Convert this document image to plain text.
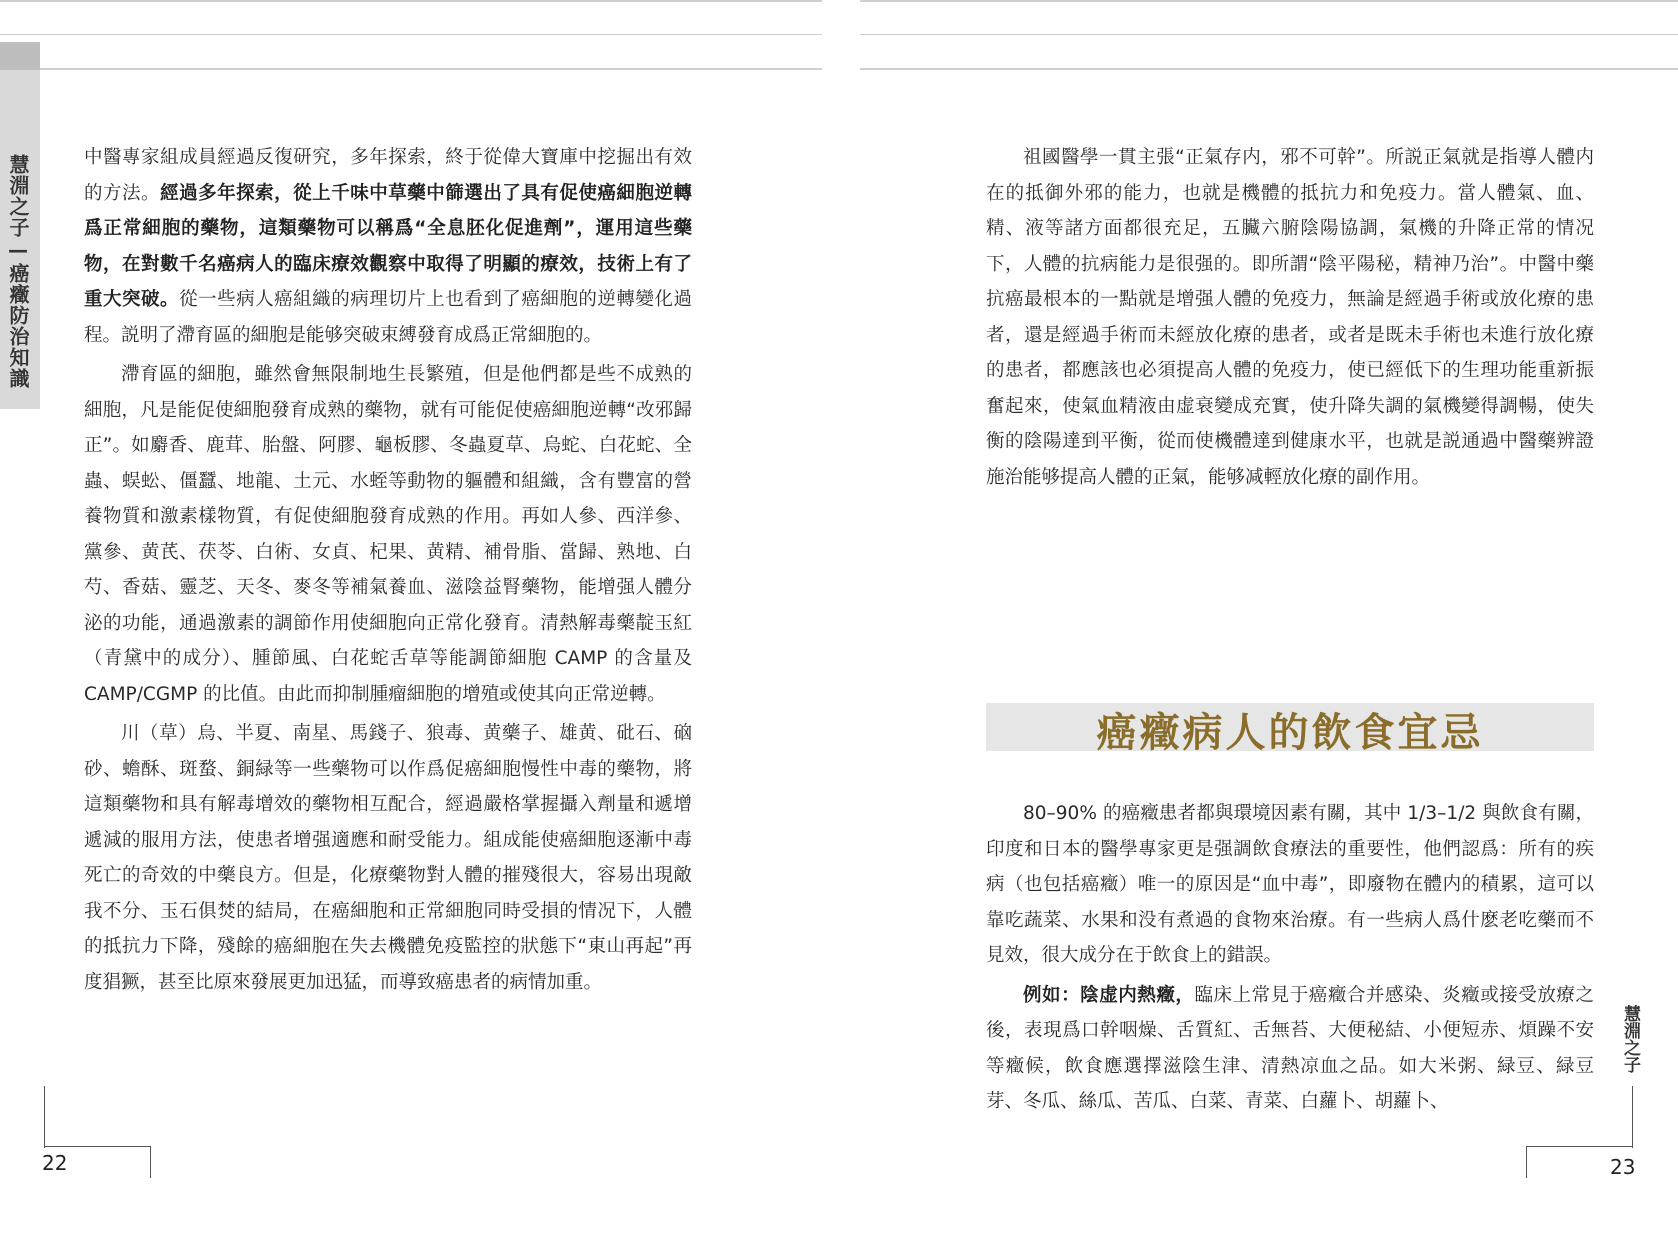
慧淵之子—癌癥防治知識	中醫專家組成員經過反復研究，多年探索，終于從偉大寶庫中挖掘出有效的方法。經過多年探索，從上千味中草藥中篩選出了具有促使癌細胞逆轉爲正常細胞的藥物，這類藥物可以稱爲“全息胚化促進劑”，運用這些藥物，在對數千名癌病人的臨床療效觀察中取得了明顯的療效，技術上有了重大突破。從一些病人癌組織的病理切片上也看到了癌細胞的逆轉變化過程。説明了滯育區的細胞是能够突破束縛發育成爲正常細胞的。

滯育區的細胞，雖然會無限制地生長繁殖，但是他們都是些不成熟的細胞，凡是能促使細胞發育成熟的藥物，就有可能促使癌細胞逆轉“改邪歸正”。如麝香、鹿茸、胎盤、阿膠、龜板膠、冬蟲夏草、烏蛇、白花蛇、全蟲、蜈蚣、僵蠶、地龍、土元、水蛭等動物的軀體和組織，含有豐富的營養物質和激素樣物質，有促使細胞發育成熟的作用。再如人參、西洋參、黨參、黄芪、茯苓、白術、女貞、杞果、黄精、補骨脂、當歸、熟地、白芍、香菇、靈芝、天冬、麥冬等補氣養血、滋陰益腎藥物，能增强人體分泌的功能，通過激素的調節作用使細胞向正常化發育。清熱解毒藥靛玉紅（青黛中的成分）、腫節風、白花蛇舌草等能調節細胞 CAMP 的含量及 CAMP/CGMP 的比值。由此而抑制腫瘤細胞的增殖或使其向正常逆轉。

川（草）烏、半夏、南星、馬錢子、狼毒、黄藥子、雄黄、砒石、硇砂、蟾酥、斑蝥、銅緑等一些藥物可以作爲促癌細胞慢性中毒的藥物，將這類藥物和具有解毒增效的藥物相互配合，經過嚴格掌握攝入劑量和遞增遞減的服用方法，使患者增强適應和耐受能力。組成能使癌細胞逐漸中毒死亡的奇效的中藥良方。但是，化療藥物對人體的摧殘很大，容易出現敵我不分、玉石俱焚的結局，在癌細胞和正常細胞同時受損的情况下，人體的抵抗力下降，殘餘的癌細胞在失去機體免疫監控的狀態下“東山再起”再度猖獗，甚至比原來發展更加迅猛，而導致癌患者的病情加重。

22

祖國醫學一貫主張“正氣存内，邪不可幹”。所説正氣就是指導人體内在的抵御外邪的能力，也就是機體的抵抗力和免疫力。當人體氣、血、精、液等諸方面都很充足，五臟六腑陰陽協調，氣機的升降正常的情况下，人體的抗病能力是很强的。即所謂“陰平陽秘，精神乃治”。中醫中藥抗癌最根本的一點就是增强人體的免疫力，無論是經過手術或放化療的患者，還是經過手術而未經放化療的患者，或者是既未手術也未進行放化療的患者，都應該也必須提高人體的免疫力，使已經低下的生理功能重新振奮起來，使氣血精液由虚衰變成充實，使升降失調的氣機變得調暢，使失衡的陰陽達到平衡，從而使機體達到健康水平，也就是説通過中醫藥辨證施治能够提高人體的正氣，能够减輕放化療的副作用。

癌癥病人的飲食宜忌

80–90% 的癌癥患者都與環境因素有關，其中 1/3–1/2 與飲食有關，印度和日本的醫學專家更是强調飲食療法的重要性，他們認爲：所有的疾病（也包括癌癥）唯一的原因是“血中毒”，即廢物在體内的積累，這可以靠吃蔬菜、水果和没有煮過的食物來治療。有一些病人爲什麽老吃藥而不見效，很大成分在于飲食上的錯誤。

例如：陰虚内熱癥，臨床上常見于癌癥合并感染、炎癥或接受放療之後，表現爲口幹咽燥、舌質紅、舌無苔、大便秘結、小便短赤、煩躁不安等癥候，飲食應選擇滋陰生津、清熱凉血之品。如大米粥、緑豆、緑豆芽、冬瓜、絲瓜、苦瓜、白菜、青菜、白蘿卜、胡蘿卜、

慧淵之子
23
